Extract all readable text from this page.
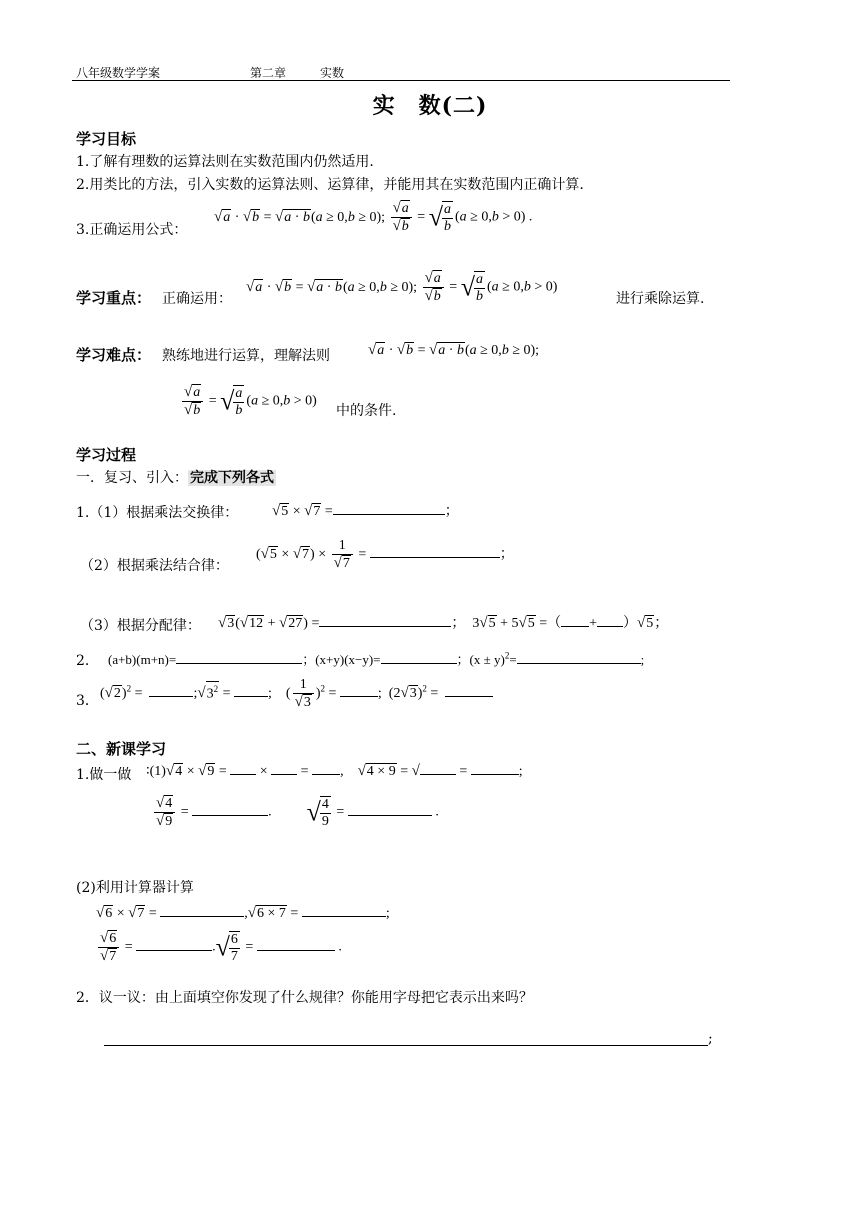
八年级数学学案	第二章	实数
实　数(二)
学习目标
1.了解有理数的运算法则在实数范围内仍然适用.
2.用类比的方法，引入实数的运算法则、运算律，并能用其在实数范围内正确计算.
3.正确运用公式：
√a · √b = √a · b(a ≥ 0,b ≥ 0); $\frac{√a}{√b}$ = √ $\frac{a}{b} (a \ge 0,b > 0)$ .
学习重点： 正确运用：
√a · √b = √a · b(a ≥ 0,b ≥ 0); $\frac{√a}{√b}$ = √ $\frac{a}{b} (a \ge 0,b > 0)$
进行乘除运算.
学习难点： 熟练地进行运算，理解法则	√a · √b = √a · b(a ≥ 0,b ≥ 0);
$\frac{√a}{√b}$ = √ $\frac{a}{b} (a \ge 0,b > 0)$
中的条件.
学习过程
一．复习、引入： 完成下列各式
1.（1）根据乘法交换律： √5 × √7 =	；
（2）根据乘法结合律：
$(√5 \times √7) \times \frac{1}{√7}$ =	；
（3）根据分配律： √3(√12 + √27) =	；  3√5 + 5√5 =（ + ）√5；
2． (a+b)(m+n)=	；(x+y)(x−y)=	；$(x \pm y)^2=$	;
3． $(√2)^2$ =	$;√3^2$ = ;    ( $\frac{1}{√3} )^2$ =	;  $(2√3)^2$ =
二、新课学习
1.做一做 ∶(1)√4 × √9 =  ×  = ,    √4 × 9 = √	=	;
$\frac{√4}{√9}$ =	.          √ $\frac{4}{9}$ =	.
(2)利用计算器计算
√6 × √7 =	,√6 × 7 =	;
$\frac{√6}{√7}$ =	.√ $\frac{6}{7}$ =	.
2．议一议：由上面填空你发现了什么规律？你能用字母把它表示出来吗？
;
